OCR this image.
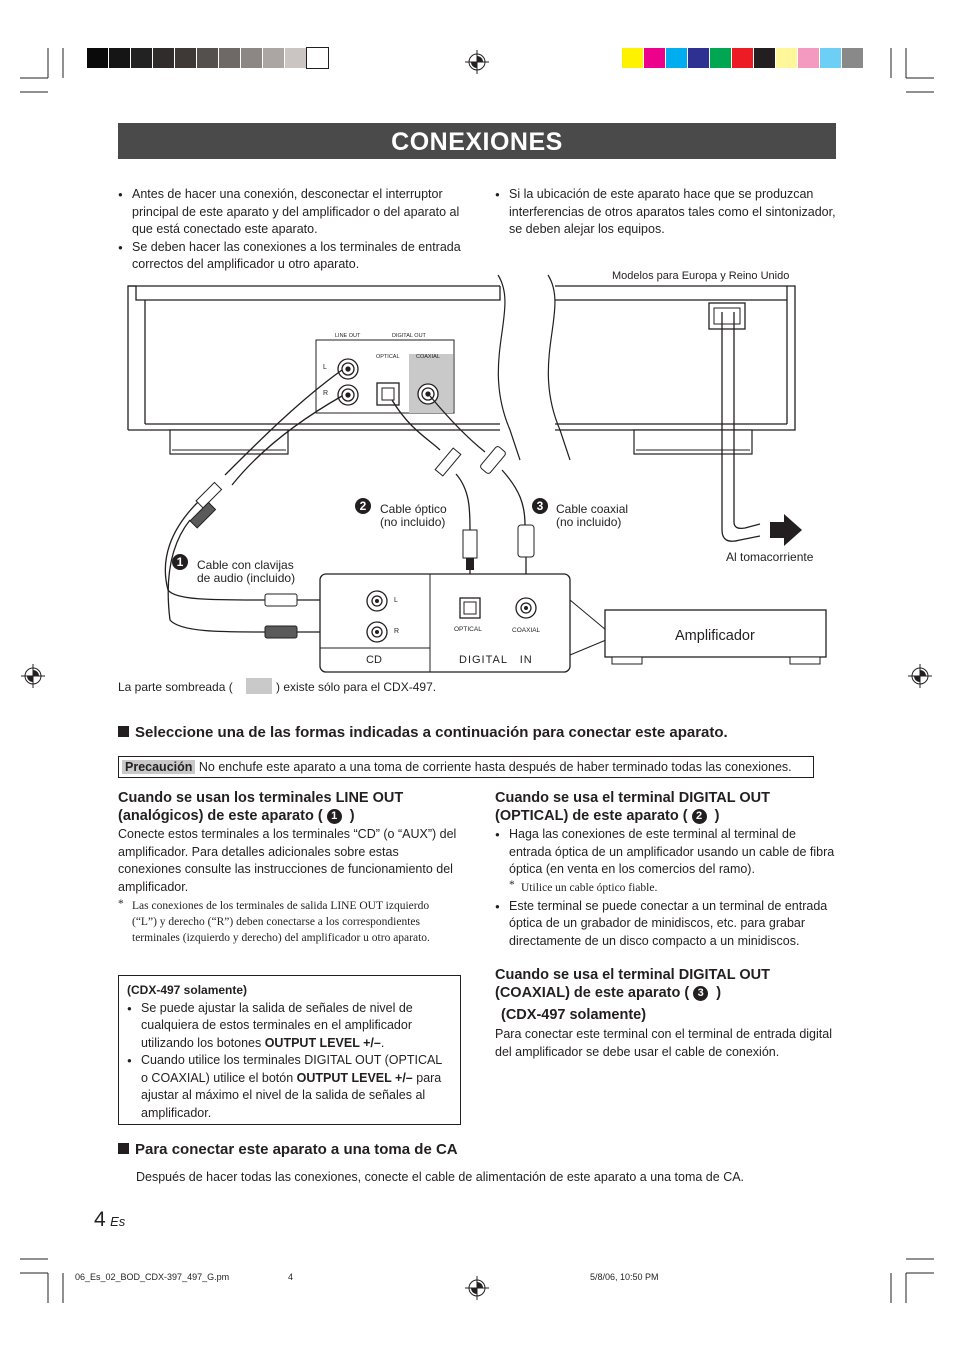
CONEXIONES
● Antes de hacer una conexión, desconectar el interruptor principal de este aparato y del amplificador o del aparato al que está conectado este aparato.
● Se deben hacer las conexiones a los terminales de entrada correctos del amplificador u otro aparato.
● Si la ubicación de este aparato hace que se produzcan interferencias de otros aparatos tales como el sintonizador, se deben alejar los equipos.
Modelos para Europa y Reino Unido
LINE OUT	DIGITAL OUT
OPTICAL	COAXIAL
L
R
2	Cable óptico
(no incluido)
3	Cable coaxial
(no incluido)
1	Cable con clavijas
de audio (incluido)
Al tomacorriente
Amplificador
L
R	OPTICAL	COAXIAL
CD	DIGITAL   IN
La parte sombreada (	) existe sólo para el CDX-497.
Seleccione una de las formas indicadas a continuación para conectar este aparato.
Precaución No enchufe este aparato a una toma de corriente hasta después de haber terminado todas las conexiones.
Cuando se usan los terminales LINE OUT
(analógicos) de este aparato ( 1 )
Conecte estos terminales a los terminales “CD” (o “AUX”) del amplificador. Para detalles adicionales sobre estas conexiones consulte las instrucciones de funcionamiento del amplificador.
* Las conexiones de los terminales de salida LINE OUT izquierdo (“L”) y derecho (“R”) deben conectarse a los correspondientes terminales (izquierdo y derecho) del amplificador u otro aparato.
(CDX-497 solamente)
● Se puede ajustar la salida de señales de nivel de cualquiera de estos terminales en el amplificador utilizando los botones OUTPUT LEVEL +/–.
● Cuando utilice los terminales DIGITAL OUT (OPTICAL o COAXIAL) utilice el botón OUTPUT LEVEL +/– para ajustar al máximo el nivel de la salida de señales al amplificador.
Cuando se usa el terminal DIGITAL OUT
(OPTICAL) de este aparato ( 2 )
● Haga las conexiones de este terminal al terminal de entrada óptica de un amplificador usando un cable de fibra óptica (en venta en los comercios del ramo).
* Utilice un cable óptico fiable.
● Este terminal se puede conectar a un terminal de entrada óptica de un grabador de minidiscos, etc. para grabar directamente de un disco compacto a un minidiscos.
Cuando se usa el terminal DIGITAL OUT
(COAXIAL) de este aparato ( 3 )
(CDX-497 solamente)
Para conectar este terminal con el terminal de entrada digital del amplificador se debe usar el cable de conexión.
Para conectar este aparato a una toma de CA
Después de hacer todas las conexiones, conecte el cable de alimentación de este aparato a una toma de CA.
4 Es
06_Es_02_BOD_CDX-397_497_G.pm	4	5/8/06, 10:50 PM
